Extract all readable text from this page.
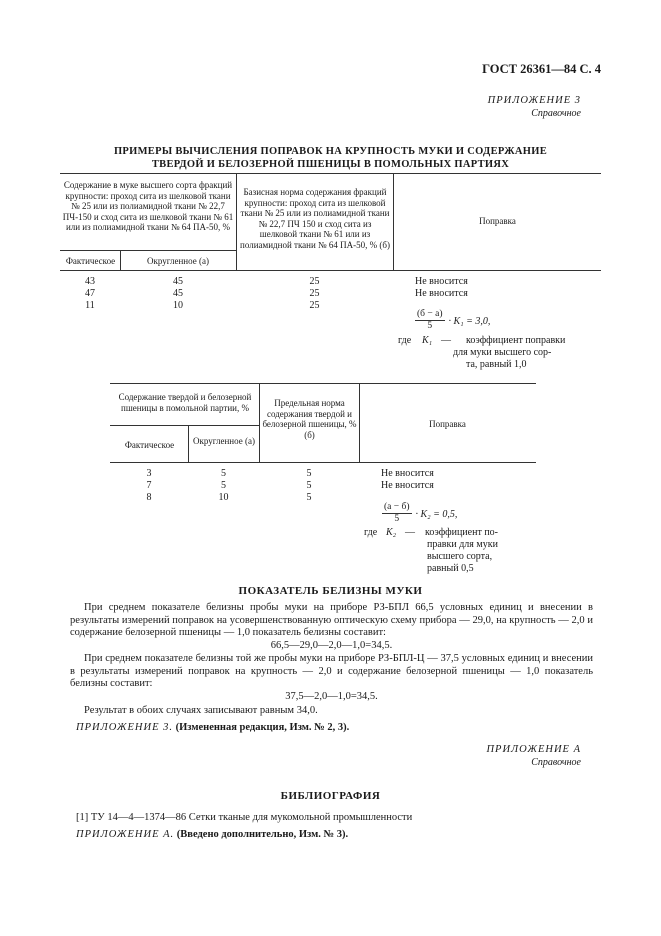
ГОСТ 26361—84 С. 4
ПРИЛОЖЕНИЕ 3
Справочное
ПРИМЕРЫ ВЫЧИСЛЕНИЯ ПОПРАВОК НА КРУПНОСТЬ МУКИ И СОДЕРЖАНИЕ
ТВЕРДОЙ И БЕЛОЗЕРНОЙ ПШЕНИЦЫ В ПОМОЛЬНЫХ ПАРТИЯХ
Содержание в муке высшего сорта фракций крупности: проход сита из шелковой ткани № 25 или из полиамидной ткани № 22,7 ПЧ-150 и сход сита из шелковой ткани № 61 или из полиамидной ткани № 64 ПА-50, %
Фактическое	Округленное (а)
Базисная норма содержания фракций крупности: проход сита из шелковой ткани № 25 или из полиамидной ткани № 22,7 ПЧ 150 и сход сита из шелковой ткани № 61 или из полиамидной ткани № 64 ПА-50, % (б)
Поправка
43	45	25	Не вносится
47	45	25	Не вносится
11	10	25
$\frac{(б - а)}{5} \cdot K_1 = 3,0$,
где K₁ — коэффициент поправки
для муки высшего сор-
та, равный 1,0
Содержание твердой и белозерной пшеницы в помольной партии, %
Фактическое	Округленное (а)
Предельная норма содержания твердой и белозерной пшеницы, % (б)
Поправка
3	5	5	Не вносится
7	5	5	Не вносится
8	10	5
$\frac{(а - б)}{5} \cdot K_2 = 0,5$,
где K₂ — коэффициент по-
правки для муки
высшего сорта,
равный 0,5
ПОКАЗАТЕЛЬ БЕЛИЗНЫ МУКИ
При среднем показателе белизны пробы муки на приборе РЗ-БПЛ 66,5 условных единиц и внесении в результаты измерений поправок на усовершенствованную оптическую схему прибора — 29,0, на крупность — 2,0 и содержание белозерной пшеницы — 1,0 показатель белизны составит:
66,5—29,0—2,0—1,0=34,5.
При среднем показателе белизны той же пробы муки на приборе РЗ-БПЛ-Ц — 37,5 условных единиц и внесении в результаты измерений поправок на крупность — 2,0 и содержание белозерной пшеницы — 1,0 показатель белизны составит:
37,5—2,0—1,0=34,5.
Результат в обоих случаях записывают равным 34,0.
ПРИЛОЖЕНИЕ 3. (Измененная редакция, Изм. № 2, 3).
ПРИЛОЖЕНИЕ А
Справочное
БИБЛИОГРАФИЯ
[1] ТУ 14—4—1374—86 Сетки тканые для мукомольной промышленности
ПРИЛОЖЕНИЕ А. (Введено дополнительно, Изм. № 3).
